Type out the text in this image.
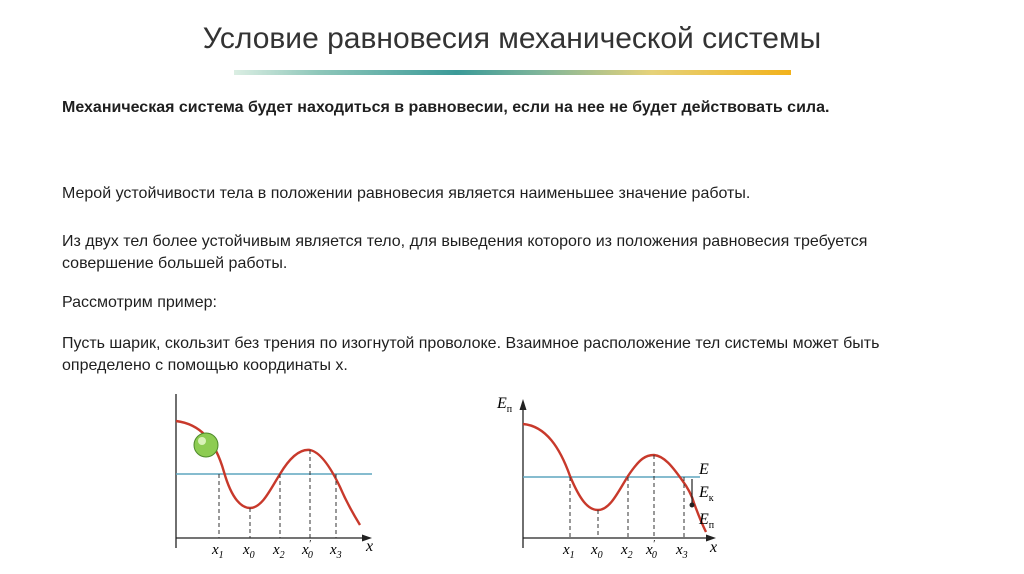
Условие равновесия механической системы
Механическая система будет находиться в равновесии, если на нее не будет действовать сила.
Мерой устойчивости тела в положении равновесия является наименьшее значение работы.
Из двух тел более устойчивым является тело, для выведения которого из положения равновесия требуется совершение большей работы.
Рассмотрим пример:
Пусть шарик, скользит без трения по изогнутой проволоке. Взаимное расположение тел системы может быть определено с помощью координаты x.
x
$x_1$ $x_0$ $x_2$ x′ 0 $x_3$
$E_п$
E
$E_к$
$E_п$
x
$x_1$ $x_0$ $x_2$ x′ 0 $x_3$
